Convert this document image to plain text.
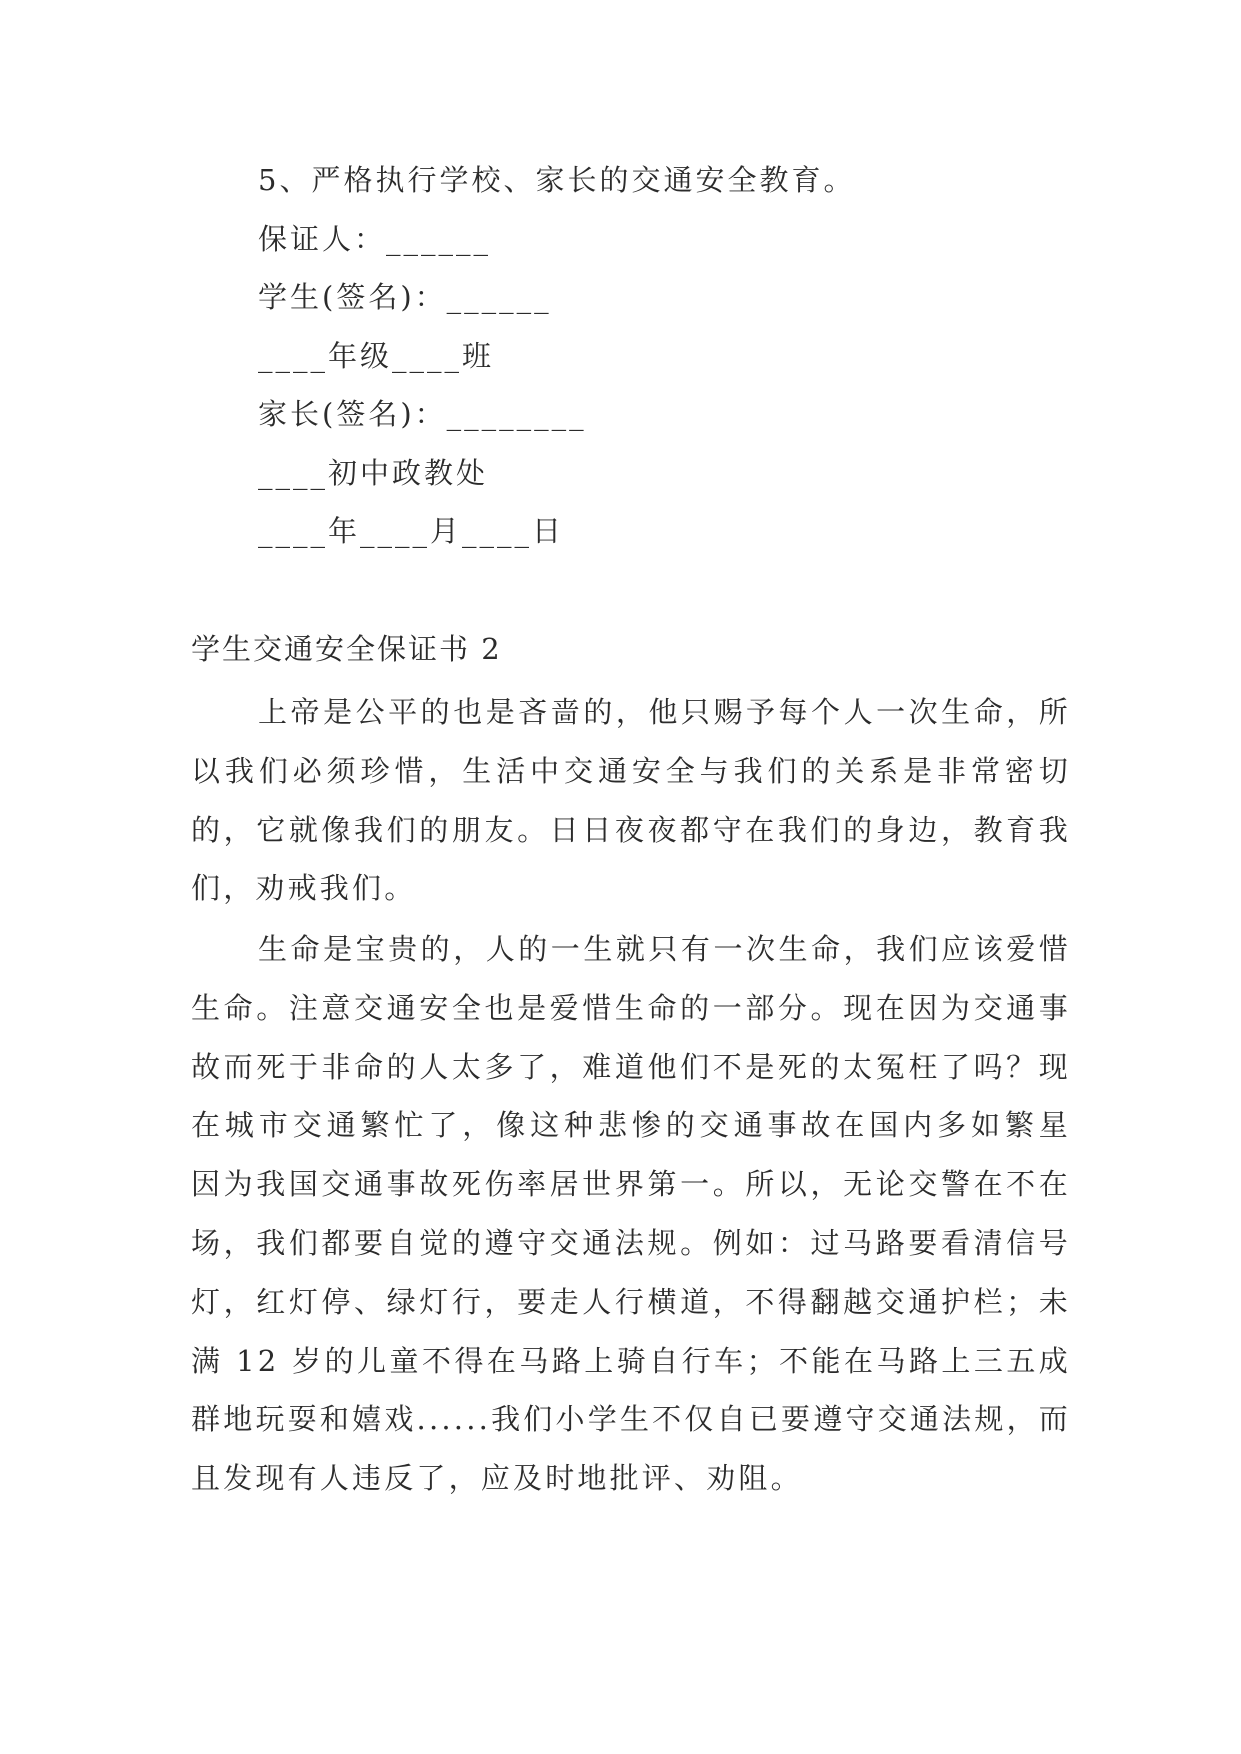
5、严格执行学校、家长的交通安全教育。
保证人：______
学生(签名)：______
____年级____班
家长(签名)：________
____初中政教处
____年____月____日
学生交通安全保证书 2

上帝是公平的也是吝啬的，他只赐予每个人一次生命，所以我们必须珍惜，生活中交通安全与我们的关系是非常密切的，它就像我们的朋友。日日夜夜都守在我们的身边，教育我们，劝戒我们。

生命是宝贵的，人的一生就只有一次生命，我们应该爱惜生命。注意交通安全也是爱惜生命的一部分。现在因为交通事故而死于非命的人太多了，难道他们不是死的太冤枉了吗？现在城市交通繁忙了，像这种悲惨的交通事故在国内多如繁星 因为我国交通事故死伤率居世界第一。所以，无论交警在不在场，我们都要自觉的遵守交通法规。例如：过马路要看清信号灯，红灯停、绿灯行，要走人行横道，不得翻越交通护栏；未满 12 岁的儿童不得在马路上骑自行车；不能在马路上三五成群地玩耍和嬉戏......我们小学生不仅自已要遵守交通法规，而且发现有人违反了，应及时地批评、劝阻。
